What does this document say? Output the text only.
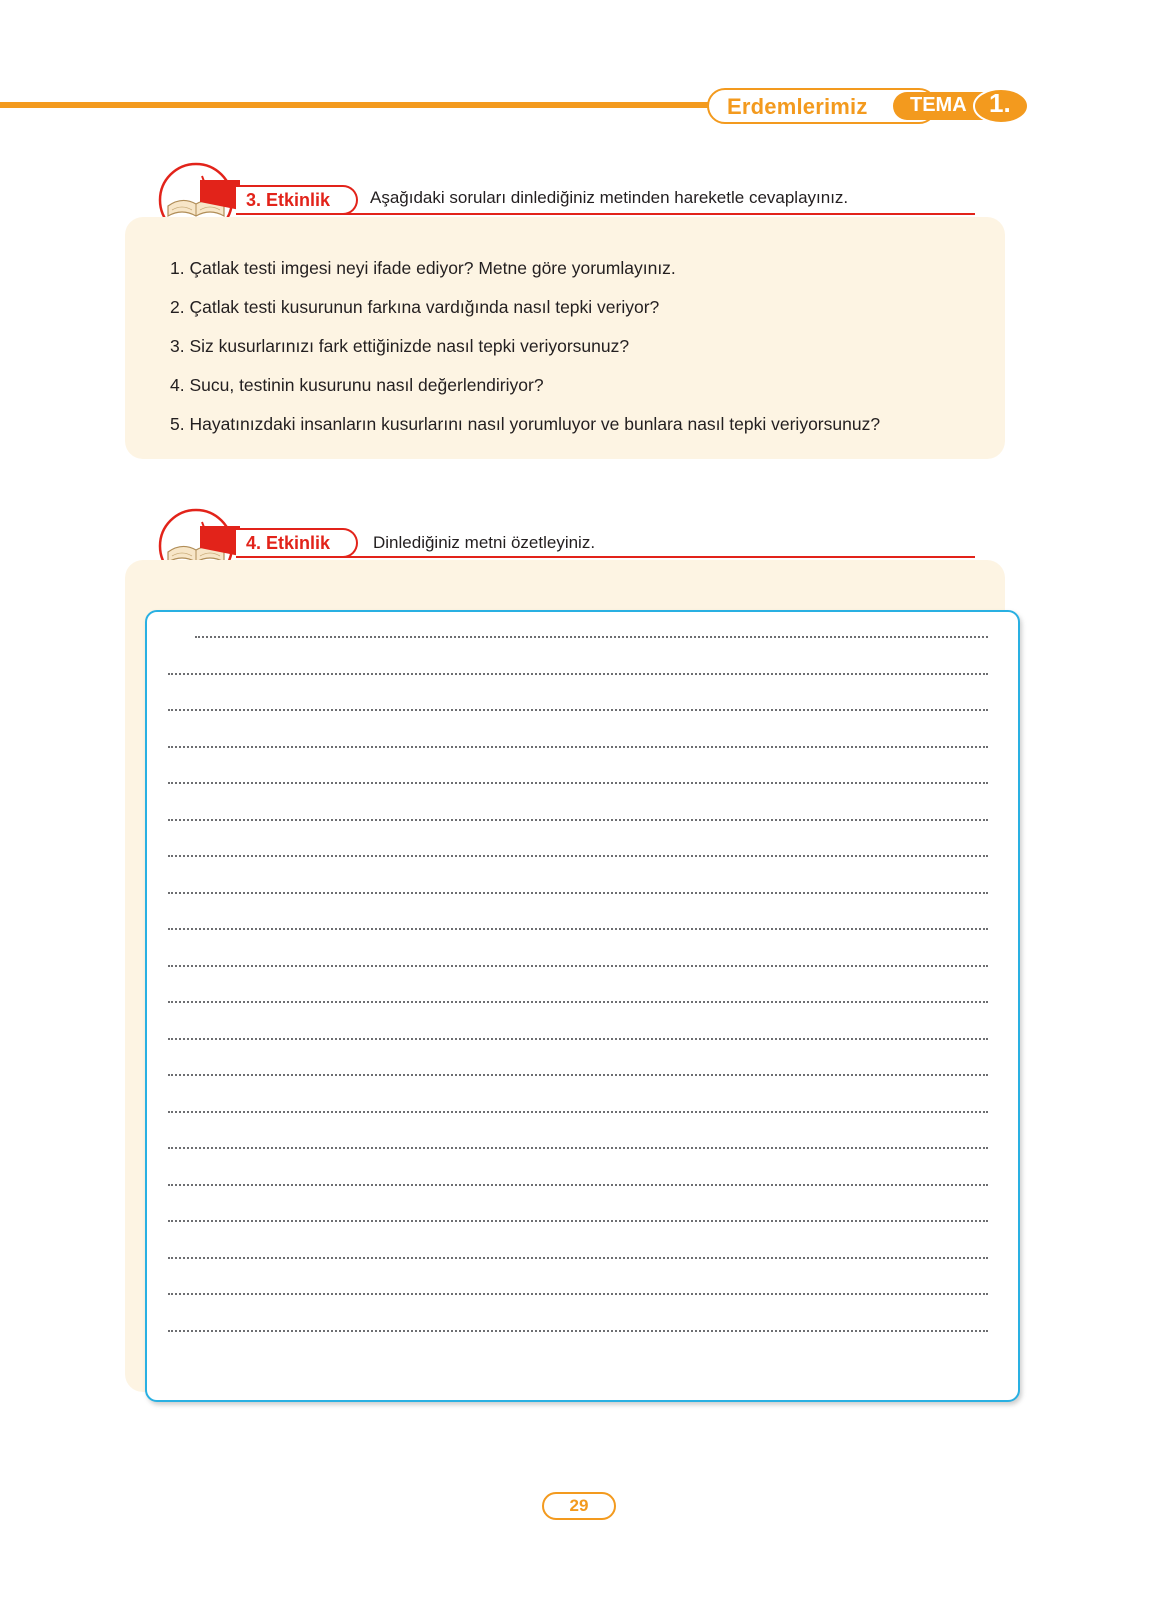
Erdemlerimiz TEMA 1.
3. Etkinlik Aşağıdaki soruları dinlediğiniz metinden hareketle cevaplayınız.
1. Çatlak testi imgesi neyi ifade ediyor? Metne göre yorumlayınız.
2. Çatlak testi kusurunun farkına vardığında nasıl tepki veriyor?
3. Siz kusurlarınızı fark ettiğinizde nasıl tepki veriyorsunuz?
4. Sucu, testinin kusurunu nasıl değerlendiriyor?
5. Hayatınızdaki insanların kusurlarını nasıl yorumluyor ve bunlara nasıl tepki veriyorsunuz?
4. Etkinlik	Dinlediğiniz metni özetleyiniz.
29
